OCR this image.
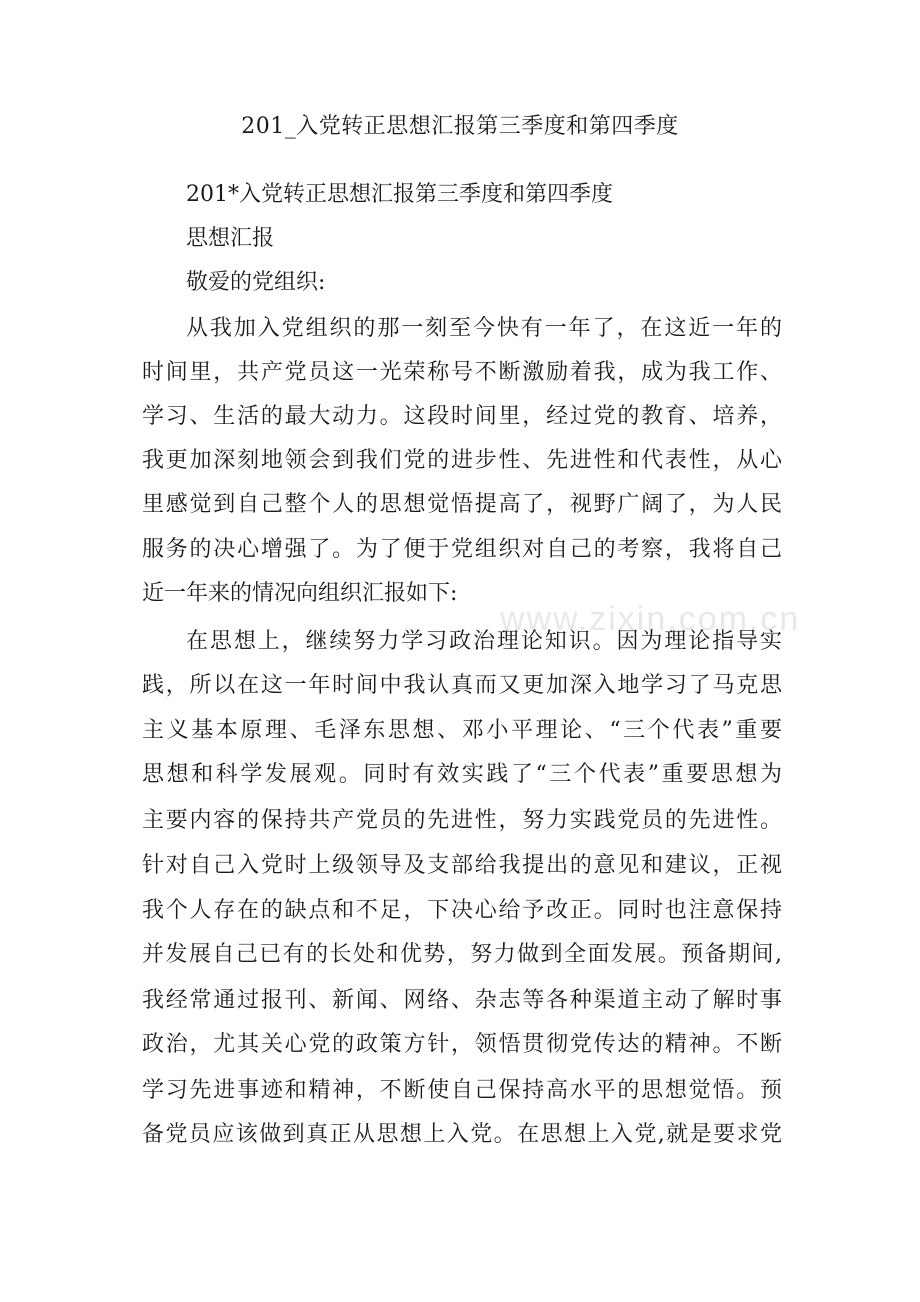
201_入党转正思想汇报第三季度和第四季度
201*入党转正思想汇报第三季度和第四季度
思想汇报
敬爱的党组织:
从我加入党组织的那一刻至今快有一年了，在这近一年的
时间里，共产党员这一光荣称号不断激励着我，成为我工作、
学习、生活的最大动力。这段时间里，经过党的教育、培养，
我更加深刻地领会到我们党的进步性、先进性和代表性，从心
里感觉到自己整个人的思想觉悟提高了，视野广阔了，为人民
服务的决心增强了。为了便于党组织对自己的考察，我将自己
近一年来的情况向组织汇报如下:
在思想上，继续努力学习政治理论知识。因为理论指导实
践，所以在这一年时间中我认真而又更加深入地学习了马克思
主义基本原理、毛泽东思想、邓小平理论、“三个代表”重要
思想和科学发展观。同时有效实践了“三个代表”重要思想为
主要内容的保持共产党员的先进性，努力实践党员的先进性。
针对自己入党时上级领导及支部给我提出的意见和建议，正视
我个人存在的缺点和不足，下决心给予改正。同时也注意保持
并发展自己已有的长处和优势，努力做到全面发展。预备期间,
我经常通过报刊、新闻、网络、杂志等各种渠道主动了解时事
政治，尤其关心党的政策方针，领悟贯彻党传达的精神。不断
学习先进事迹和精神，不断使自己保持高水平的思想觉悟。预
备党员应该做到真正从思想上入党。在思想上入党,就是要求党
www.zixin.com.cn
